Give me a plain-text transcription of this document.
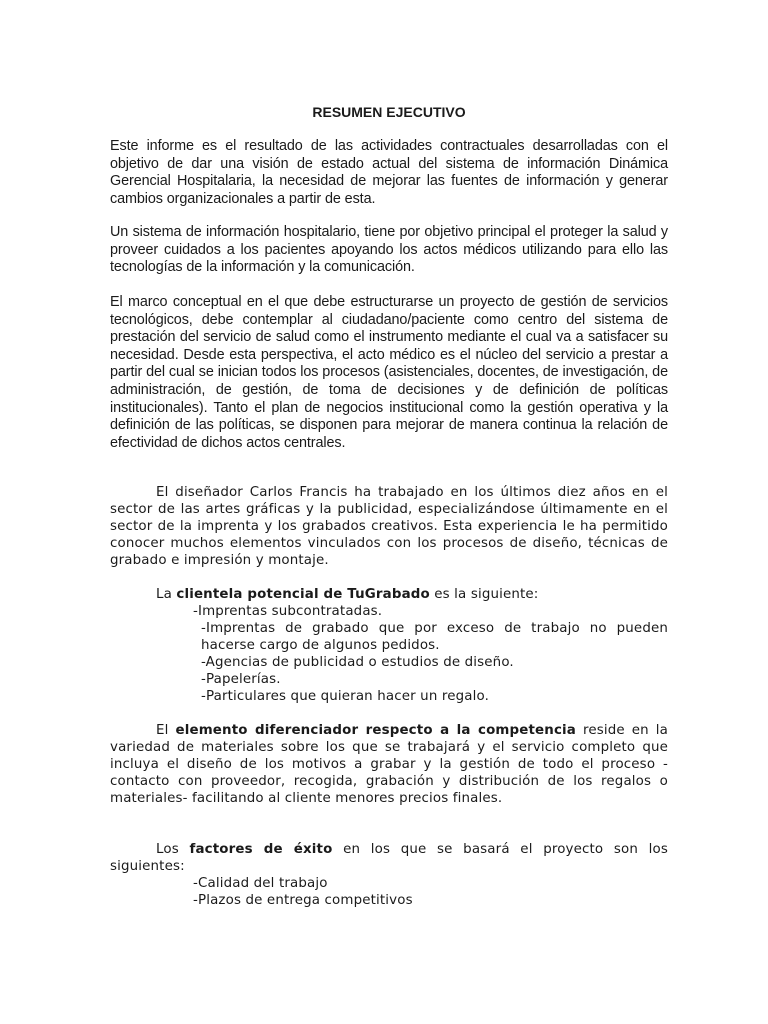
RESUMEN EJECUTIVO

Este informe es el resultado de las actividades contractuales desarrolladas con el objetivo de dar una visión de estado actual del sistema de información Dinámica Gerencial Hospitalaria, la necesidad de mejorar las fuentes de información y generar cambios organizacionales a partir de esta.

Un sistema de información hospitalario, tiene por objetivo principal el proteger la salud y proveer cuidados a los pacientes apoyando los actos médicos utilizando para ello las tecnologías de la información y la comunicación.

El marco conceptual en el que debe estructurarse un proyecto de gestión de servicios tecnológicos, debe contemplar al ciudadano/paciente como centro del sistema de prestación del servicio de salud como el instrumento mediante el cual va a satisfacer su necesidad. Desde esta perspectiva, el acto médico es el núcleo del servicio a prestar a partir del cual se inician todos los procesos (asistenciales, docentes, de investigación, de administración, de gestión, de toma de decisiones y de definición de políticas institucionales). Tanto el plan de negocios institucional como la gestión operativa y la definición de las políticas, se disponen para mejorar de manera continua la relación de efectividad de dichos actos centrales.

El diseñador Carlos Francis ha trabajado en los últimos diez años en el sector de las artes gráficas y la publicidad, especializándose últimamente en el sector de la imprenta y los grabados creativos. Esta experiencia le ha permitido conocer muchos elementos vinculados con los procesos de diseño, técnicas de grabado e impresión y montaje.

La clientela potencial de TuGrabado es la siguiente:

-Imprentas subcontratadas.

-Imprentas de grabado que por exceso de trabajo no pueden hacerse cargo de algunos pedidos.

-Agencias de publicidad o estudios de diseño.

-Papelerías.

-Particulares que quieran hacer un regalo.

El elemento diferenciador respecto a la competencia reside en la variedad de materiales sobre los que se trabajará y el servicio completo que incluya el diseño de los motivos a grabar y la gestión de todo el proceso -contacto con proveedor, recogida, grabación y distribución de los regalos o materiales- facilitando al cliente menores precios finales.

Los factores de éxito en los que se basará el proyecto son los siguientes:

-Calidad del trabajo

-Plazos de entrega competitivos
